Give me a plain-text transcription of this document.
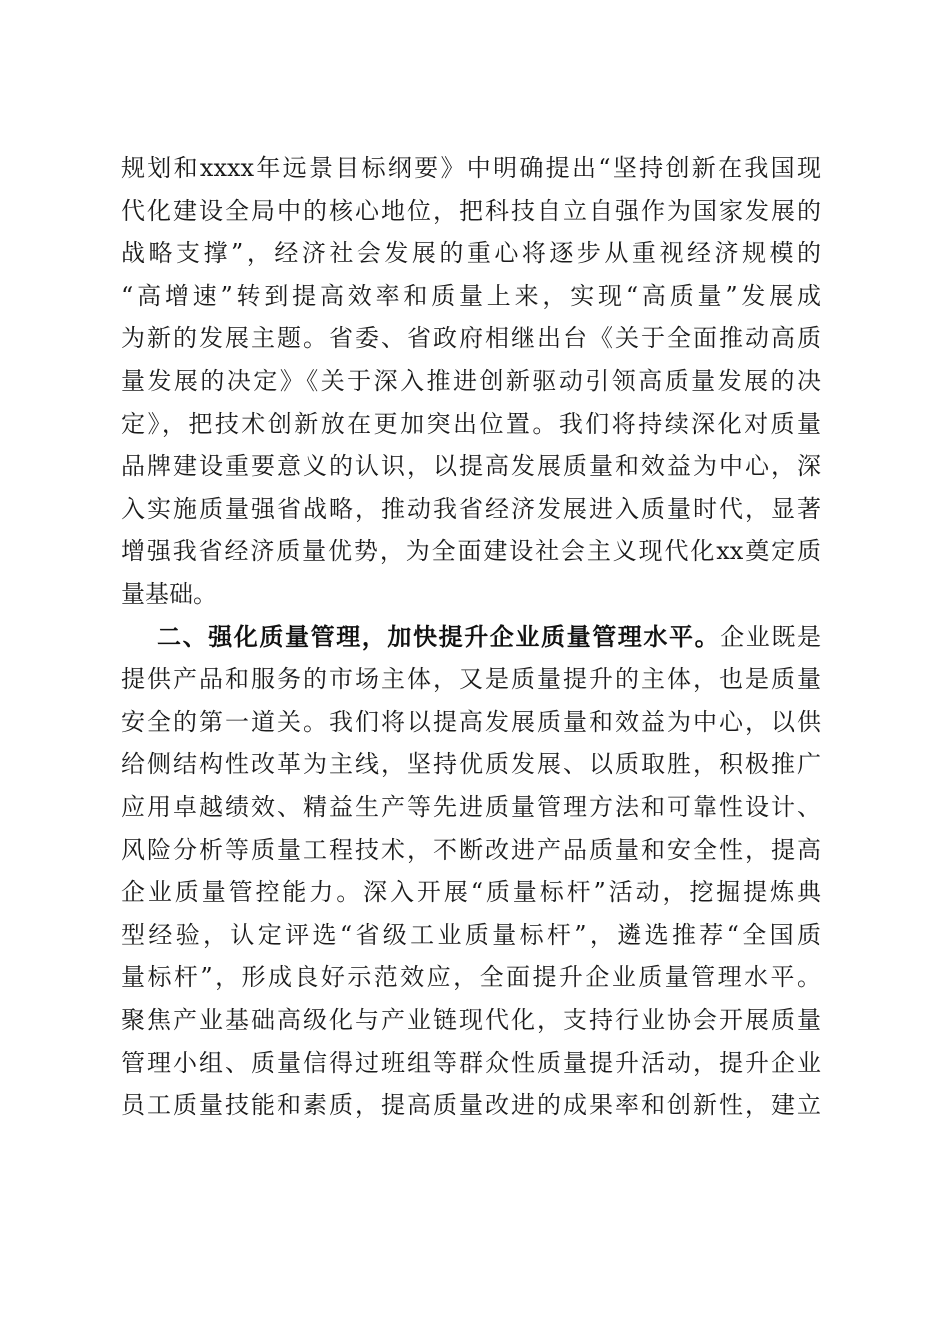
规划和xxxx年远景目标纲要》中明确提出“坚持创新在我国现
代化建设全局中的核心地位，把科技自立自强作为国家发展的
战略支撑”，经济社会发展的重心将逐步从重视经济规模的
“高增速”转到提高效率和质量上来，实现“高质量”发展成
为新的发展主题。省委、省政府相继出台《关于全面推动高质
量发展的决定》《关于深入推进创新驱动引领高质量发展的决
定》，把技术创新放在更加突出位置。我们将持续深化对质量
品牌建设重要意义的认识，以提高发展质量和效益为中心，深
入实施质量强省战略，推动我省经济发展进入质量时代，显著
增强我省经济质量优势，为全面建设社会主义现代化xx奠定质
量基础。
二、强化质量管理，加快提升企业质量管理水平。企业既是
提供产品和服务的市场主体，又是质量提升的主体，也是质量
安全的第一道关。我们将以提高发展质量和效益为中心，以供
给侧结构性改革为主线，坚持优质发展、以质取胜，积极推广
应用卓越绩效、精益生产等先进质量管理方法和可靠性设计、
风险分析等质量工程技术，不断改进产品质量和安全性，提高
企业质量管控能力。深入开展“质量标杆”活动，挖掘提炼典
型经验，认定评选“省级工业质量标杆”，遴选推荐“全国质
量标杆”，形成良好示范效应，全面提升企业质量管理水平。
聚焦产业基础高级化与产业链现代化，支持行业协会开展质量
管理小组、质量信得过班组等群众性质量提升活动，提升企业
员工质量技能和素质，提高质量改进的成果率和创新性，建立
